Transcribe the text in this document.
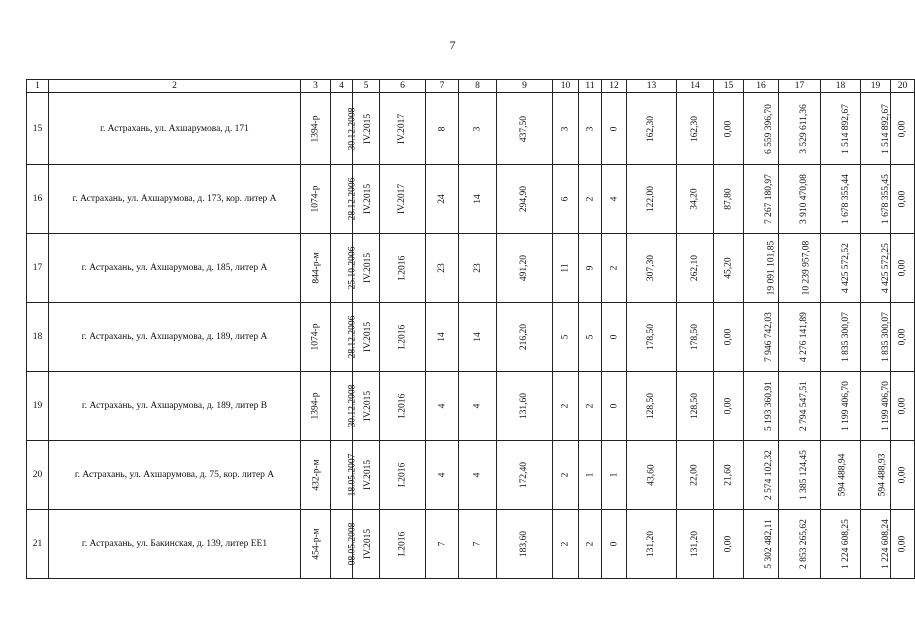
7
1	2	3	4	5	6	7	8	9	10	11	12	13	14	15	16	17	18	19	20
15	г. Астрахань, ул. Ахшарумова, д. 171	1394-р	30.12.2008	IV.2015	IV.2017	8	3	437,50	3	3	0	162,30	162,30	0,00	6 559 396,70	3 529 611,36	1 514 892,67	1 514 892,67	0,00
16	г. Астрахань, ул. Ахшарумова, д. 173, кор. литер А	1074-р	28.12.2006	IV.2015	IV.2017	24	14	294,90	6	2	4	122,00	34,20	87,80	7 267 180,97	3 910 470,08	1 678 355,44	1 678 355,45	0,00
17	г. Астрахань, ул. Ахшарумова, д. 185, литер А	844-р-м	25.10.2006	IV.2015	I.2016	23	23	491,20	11	9	2	307,30	262,10	45,20	19 091 101,85	10 239 957,08	4 425 572,52	4 425 572,25	0,00
18	г. Астрахань, ул. Ахшарумова, д. 189, литер А	1074-р	28.12.2006	IV.2015	I.2016	14	14	216,20	5	5	0	178,50	178,50	0,00	7 946 742,03	4 276 141,89	1 835 300,07	1 835 300,07	0,00
19	г. Астрахань, ул. Ахшарумова, д. 189, литер В	1394-р	30.12.2008	IV.2015	I.2016	4	4	131,60	2	2	0	128,50	128,50	0,00	5 193 360,91	2 794 547,51	1 199 406,70	1 199 406,70	0,00
20	г. Астрахань, ул. Ахшарумова, д. 75, кор. литер А	432-р-м	18.05.2007	IV.2015	I.2016	4	4	172,40	2	1	1	43,60	22,00	21,60	2 574 102,32	1 385 124,45	594 488,94	594 488,93	0,00
21	г. Астрахань, ул. Бакинская, д. 139, литер ЕЕ1	454-р-м	08.05.2008	IV.2015	I.2016	7	7	183,60	2	2	0	131,20	131,20	0,00	5 302 482,11	2 853 265,62	1 224 608,25	1 224 608,24	0,00
